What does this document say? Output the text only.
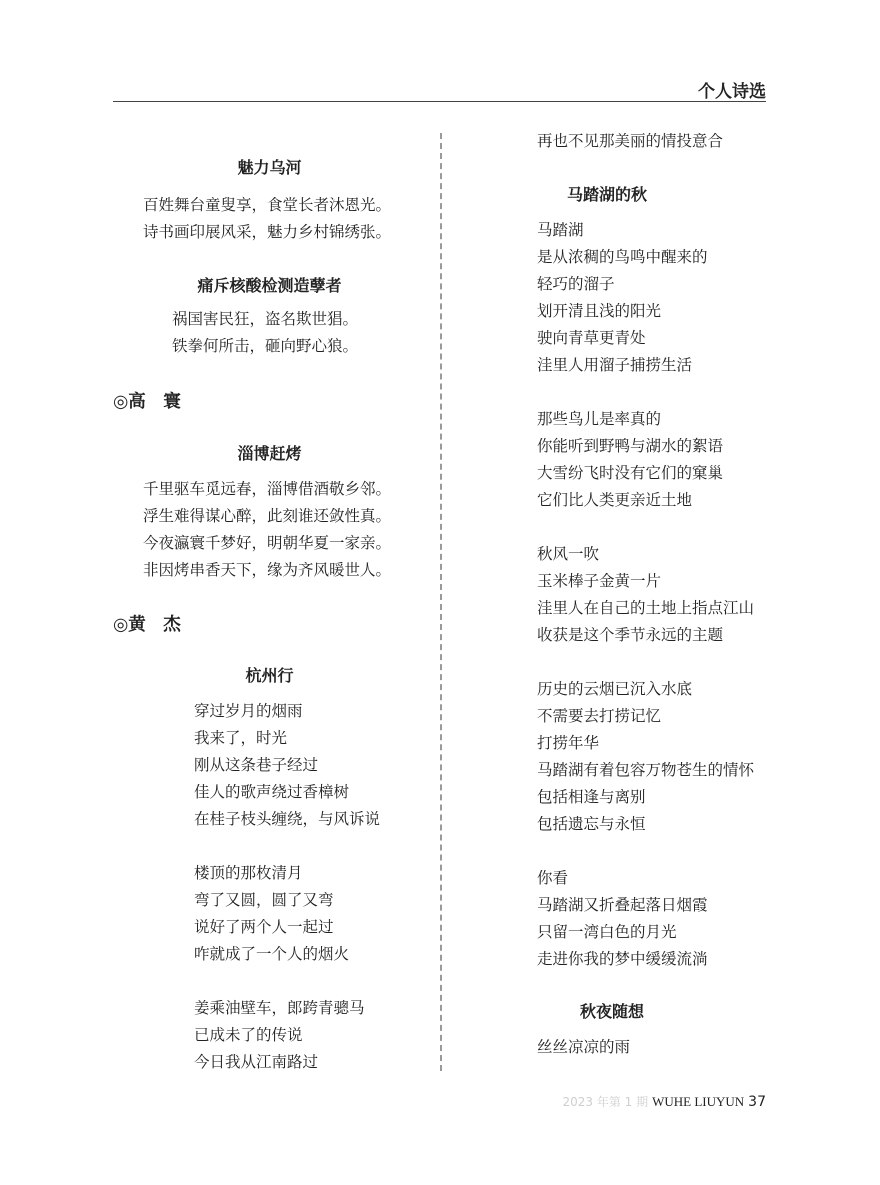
个人诗选
魅力乌河
百姓舞台童叟享，食堂长者沐恩光。
诗书画印展风采，魅力乡村锦绣张。
痛斥核酸检测造孽者
祸国害民狂，盗名欺世猖。
铁拳何所击，砸向野心狼。
◎高　寰
淄博赶烤
千里驱车觅远春，淄博借酒敬乡邻。
浮生难得谋心醉，此刻谁还敛性真。
今夜瀛寰千梦好，明朝华夏一家亲。
非因烤串香天下，缘为齐风暖世人。
◎黄　杰
杭州行
穿过岁月的烟雨
我来了，时光
刚从这条巷子经过
佳人的歌声绕过香樟树
在桂子枝头缠绕，与风诉说
楼顶的那枚清月
弯了又圆，圆了又弯
说好了两个人一起过
咋就成了一个人的烟火
姜乘油壁车，郎跨青骢马
已成未了的传说
今日我从江南路过
再也不见那美丽的情投意合
马踏湖的秋
马踏湖
是从浓稠的鸟鸣中醒来的
轻巧的溜子
划开清且浅的阳光
驶向青草更青处
洼里人用溜子捕捞生活
那些鸟儿是率真的
你能听到野鸭与湖水的絮语
大雪纷飞时没有它们的窠巢
它们比人类更亲近土地
秋风一吹
玉米棒子金黄一片
洼里人在自己的土地上指点江山
收获是这个季节永远的主题
历史的云烟已沉入水底
不需要去打捞记忆
打捞年华
马踏湖有着包容万物苍生的情怀
包括相逢与离别
包括遗忘与永恒
你看
马踏湖又折叠起落日烟霞
只留一湾白色的月光
走进你我的梦中缓缓流淌
秋夜随想
丝丝凉凉的雨
2023 年第 1 期 WUHE LIUYUN 37
